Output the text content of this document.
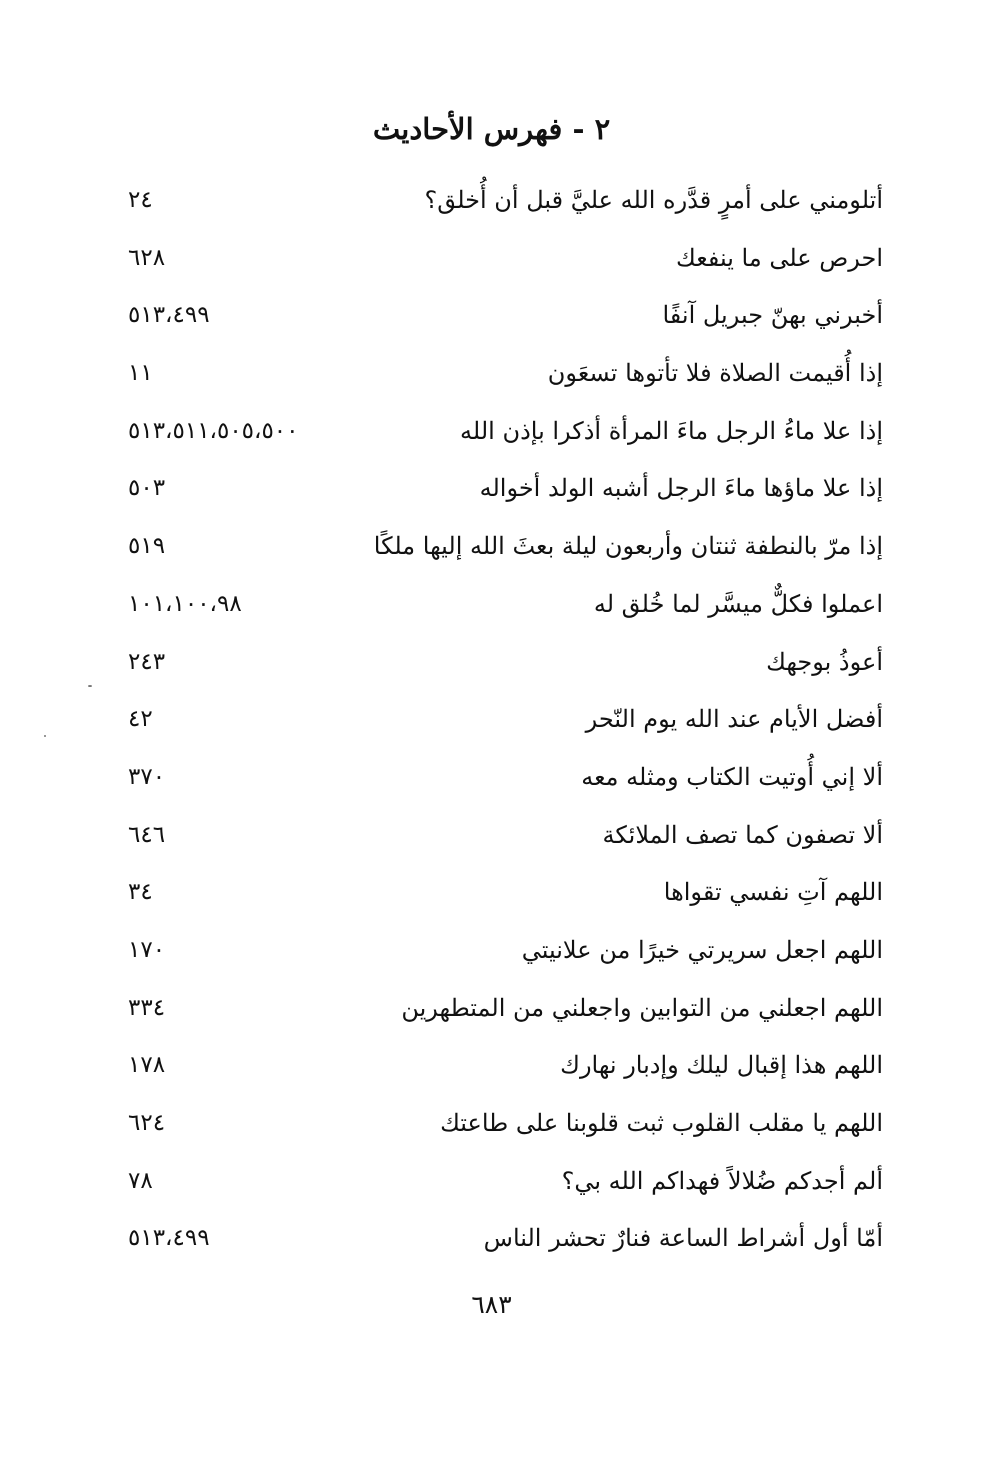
٢ - فهرس الأحاديث
أتلومني على أمرٍ قدَّره الله عليَّ قبل أن أُخلق؟
٢٤
احرص على ما ينفعك
٦٢٨
أخبرني بهنّ جبريل آنفًا
٥١٣،٤٩٩
إذا أُقيمت الصلاة فلا تأتوها تسعَون
١١
إذا علا ماءُ الرجل ماءَ المرأة أذكرا بإذن الله
٥١٣،٥١١،٥٠٥،٥٠٠
إذا علا ماؤها ماءَ الرجل أشبه الولد أخواله
٥٠٣
إذا مرّ بالنطفة ثنتان وأربعون ليلة بعثَ الله إليها ملكًا
٥١٩
اعملوا فكلٌّ ميسَّر لما خُلق له
١٠١،١٠٠،٩٨
أعوذُ بوجهك
٢٤٣
أفضل الأيام عند الله يوم النّحر
٤٢
ألا إني أُوتيت الكتاب ومثله معه
٣٧٠
ألا تصفون كما تصف الملائكة
٦٤٦
اللهم آتِ نفسي تقواها
٣٤
اللهم اجعل سريرتي خيرًا من علانيتي
١٧٠
اللهم اجعلني من التوابين واجعلني من المتطهرين
٣٣٤
اللهم هذا إقبال ليلك وإدبار نهارك
١٧٨
اللهم يا مقلب القلوب ثبت قلوبنا على طاعتك
٦٢٤
ألم أجدكم ضُلالاً فهداكم الله بي؟
٧٨
أمّا أول أشراط الساعة فنارٌ تحشر الناس
٥١٣،٤٩٩
٦٨٣
